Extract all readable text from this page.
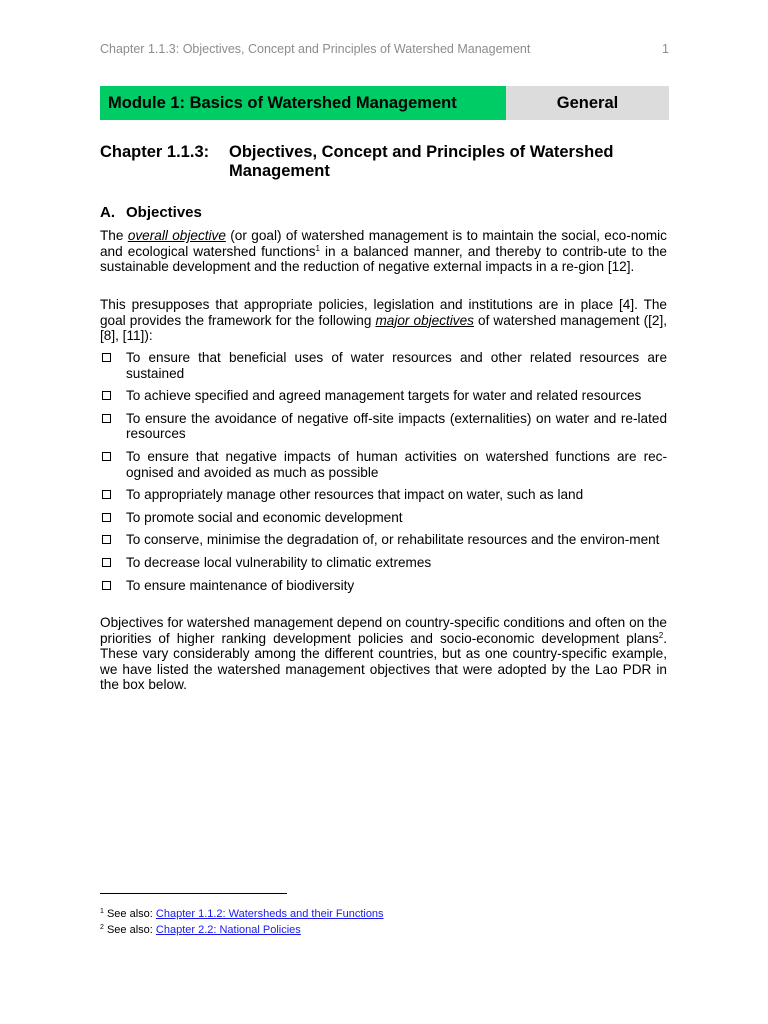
Chapter 1.1.3: Objectives, Concept and Principles of Watershed Management	1
Module 1: Basics of Watershed Management	General
Chapter 1.1.3: Objectives, Concept and Principles of Watershed Management
A. Objectives

The overall objective (or goal) of watershed management is to maintain the social, eco-nomic and ecological watershed functions$^1$ in a balanced manner, and thereby to contrib-ute to the sustainable development and the reduction of negative external impacts in a re-gion [12].

This presupposes that appropriate policies, legislation and institutions are in place [4]. The goal provides the framework for the following major objectives of watershed management ([2], [8], [11]):

To ensure that beneficial uses of water resources and other related resources are sustained
To achieve specified and agreed management targets for water and related resources
To ensure the avoidance of negative off-site impacts (externalities) on water and re-lated resources
To ensure that negative impacts of human activities on watershed functions are rec-ognised and avoided as much as possible
To appropriately manage other resources that impact on water, such as land
To promote social and economic development
To conserve, minimise the degradation of, or rehabilitate resources and the environ-ment
To decrease local vulnerability to climatic extremes
To ensure maintenance of biodiversity

Objectives for watershed management depend on country-specific conditions and often on the priorities of higher ranking development policies and socio-economic development plans$^2$. These vary considerably among the different countries, but as one country-specific example, we have listed the watershed management objectives that were adopted by the Lao PDR in the box below.

$^1$ See also: Chapter 1.1.2: Watersheds and their Functions
$^2$ See also: Chapter 2.2: National Policies
